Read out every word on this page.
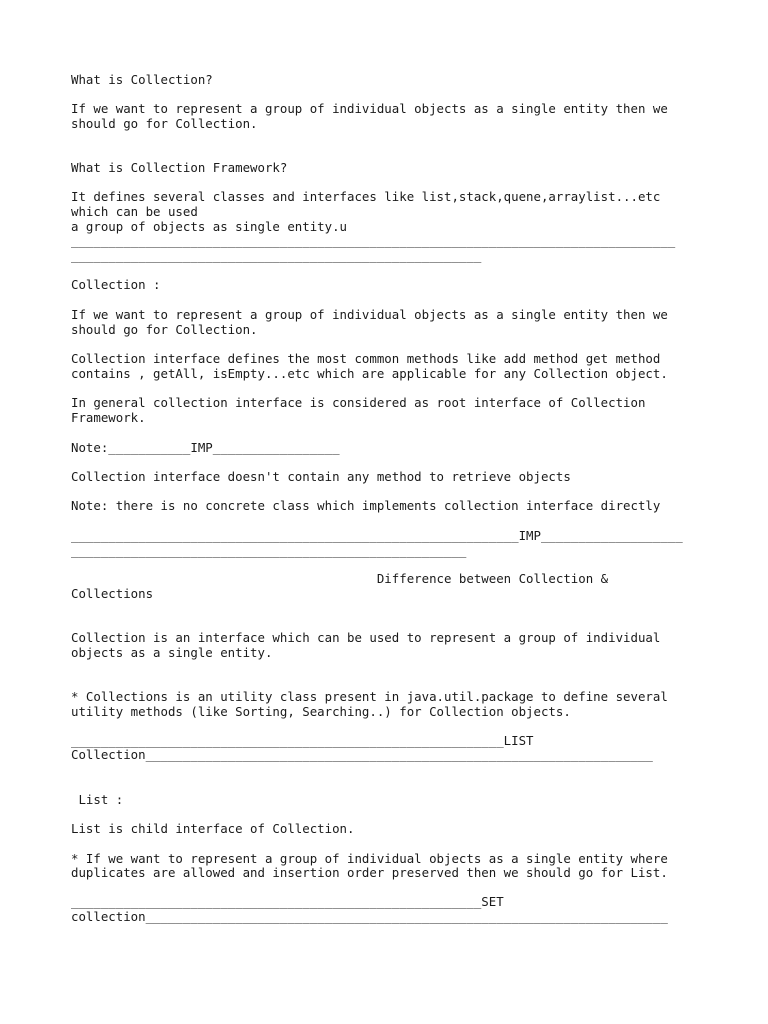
What is Collection?

If we want to represent a group of individual objects as a single entity then we

should go for Collection.

What is Collection Framework?

It defines several classes and interfaces like list,stack,quene,arraylist...etc

which can be used

a group of objects as single entity.u

_________________________________________________________________________________

_______________________________________________________

Collection :

If we want to represent a group of individual objects as a single entity then we

should go for Collection.

Collection interface defines the most common methods like add method get method

contains , getAll, isEmpty...etc which are applicable for any Collection object.

In general collection interface is considered as root interface of Collection

Framework.

Note:___________IMP_________________

Collection interface doesn't contain any method to retrieve objects

Note: there is no concrete class which implements collection interface directly

____________________________________________________________IMP___________________

_____________________________________________________

Difference between Collection &

Collections

Collection is an interface which can be used to represent a group of individual

objects as a single entity.

* Collections is an utility class present in java.util.package to define several

utility methods (like Sorting, Searching..) for Collection objects.

__________________________________________________________LIST

Collection____________________________________________________________________

List :

List is child interface of Collection.

* If we want to represent a group of individual objects as a single entity where

duplicates are allowed and insertion order preserved then we should go for List.

_______________________________________________________SET

collection______________________________________________________________________
